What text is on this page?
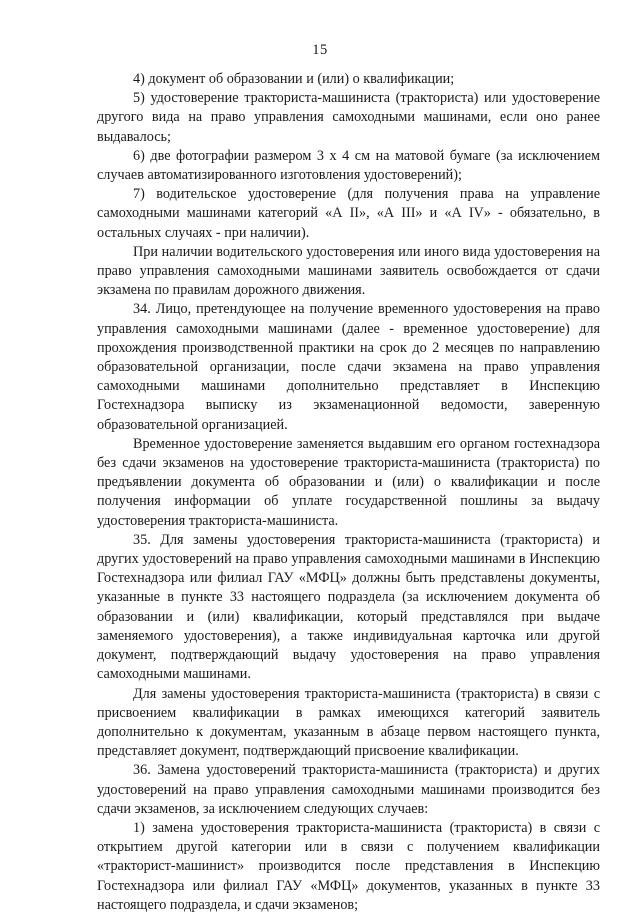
15

4) документ об образовании и (или) о квалификации;

5) удостоверение тракториста-машиниста (тракториста) или удостоверение другого вида на право управления самоходными машинами, если оно ранее выдавалось;

6) две фотографии размером 3 х 4 см на матовой бумаге (за исключением случаев автоматизированного изготовления удостоверений);

7) водительское удостоверение (для получения права на управление самоходными машинами категорий «А II», «А III» и «А IV» - обязательно, в остальных случаях - при наличии).

При наличии водительского удостоверения или иного вида удостоверения на право управления самоходными машинами заявитель освобождается от сдачи экзамена по правилам дорожного движения.

34. Лицо, претендующее на получение временного удостоверения на право управления самоходными машинами (далее - временное удостоверение) для прохождения производственной практики на срок до 2 месяцев по направлению образовательной организации, после сдачи экзамена на право управления самоходными машинами дополнительно представляет в Инспекцию Гостехнадзора выписку из экзаменационной ведомости, заверенную образовательной организацией.

Временное удостоверение заменяется выдавшим его органом гостехнадзора без сдачи экзаменов на удостоверение тракториста-машиниста (тракториста) по предъявлении документа об образовании и (или) о квалификации и после получения информации об уплате государственной пошлины за выдачу удостоверения тракториста-машиниста.

35. Для замены удостоверения тракториста-машиниста (тракториста) и других удостоверений на право управления самоходными машинами в Инспекцию Гостехнадзора или филиал ГАУ «МФЦ» должны быть представлены документы, указанные в пункте 33 настоящего подраздела (за исключением документа об образовании и (или) квалификации, который представлялся при выдаче заменяемого удостоверения), а также индивидуальная карточка или другой документ, подтверждающий выдачу удостоверения на право управления самоходными машинами.

Для замены удостоверения тракториста-машиниста (тракториста) в связи с присвоением квалификации в рамках имеющихся категорий заявитель дополнительно к документам, указанным в абзаце первом настоящего пункта, представляет документ, подтверждающий присвоение квалификации.

36. Замена удостоверений тракториста-машиниста (тракториста) и других удостоверений на право управления самоходными машинами производится без сдачи экзаменов, за исключением следующих случаев:

1) замена удостоверения тракториста-машиниста (тракториста) в связи с открытием другой категории или в связи с получением квалификации «тракторист-машинист» производится после представления в Инспекцию Гостехнадзора или филиал ГАУ «МФЦ» документов, указанных в пункте 33 настоящего подраздела, и сдачи экзаменов;
